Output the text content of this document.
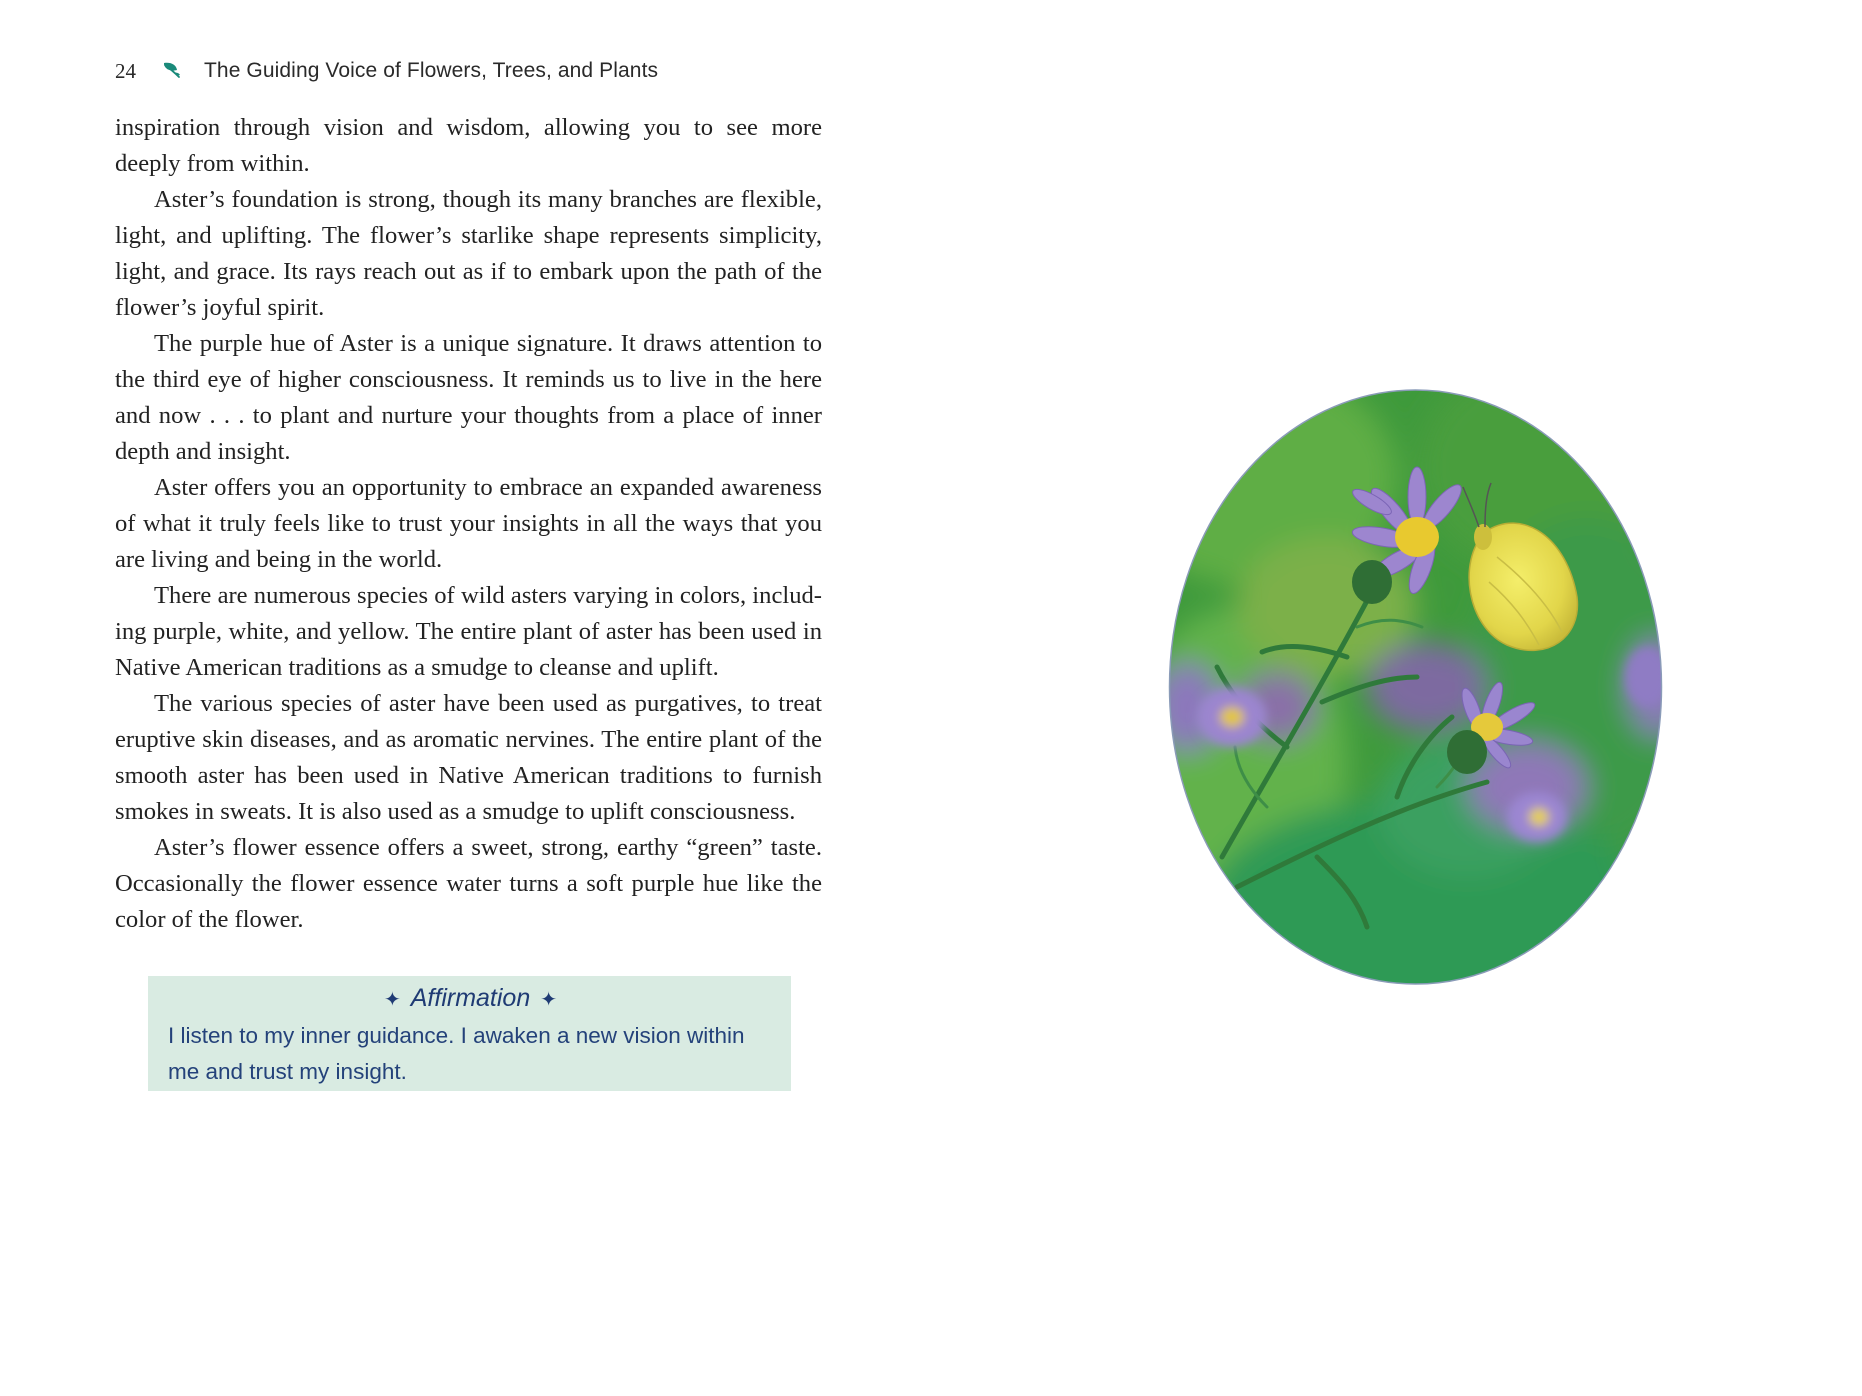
24	The Guiding Voice of Flowers, Trees, and Plants

inspiration through vision and wisdom, allowing you to see more deeply from within.

Aster’s foundation is strong, though its many branches are flexible, light, and uplifting. The flower’s starlike shape represents simplicity, light, and grace. Its rays reach out as if to embark upon the path of the flower’s joyful spirit.

The purple hue of Aster is a unique signature. It draws attention to the third eye of higher consciousness. It reminds us to live in the here and now . . . to plant and nurture your thoughts from a place of inner depth and insight.

Aster offers you an opportunity to embrace an expanded awareness of what it truly feels like to trust your insights in all the ways that you are living and being in the world.

There are numerous species of wild asters varying in colors, including purple, white, and yellow. The entire plant of aster has been used in Native American traditions as a smudge to cleanse and uplift.

The various species of aster have been used as purgatives, to treat eruptive skin diseases, and as aromatic nervines. The entire plant of the smooth aster has been used in Native American traditions to furnish smokes in sweats. It is also used as a smudge to uplift consciousness.

Aster’s flower essence offers a sweet, strong, earthy “green” taste. Occasionally the flower essence water turns a soft purple hue like the color of the flower.

✦ Affirmation ✦
I listen to my inner guidance. I awaken a new vision within me and trust my insight.
